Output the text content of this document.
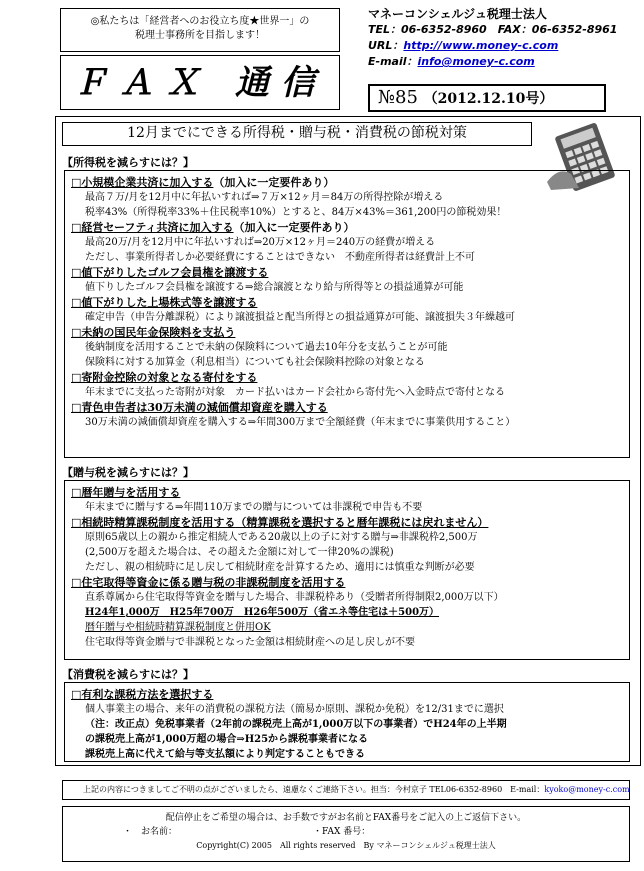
◎私たちは「経営者へのお役立ち度★世界一」の
税理士事務所を目指します！
ＦＡＸ 通信
マネーコンシェルジュ税理士法人
TEL：06-6352-8960　FAX：06-6352-8961
URL：http://www.money-c.com
E-mail：info@money-c.com
№85 （2012.12.10号）
12月までにできる所得税・贈与税・消費税の節税対策
【所得税を減らすには？】
□小規模企業共済に加入する（加入に一定要件あり）
最高７万/月を12月中に年払いすれば⇒７万×12ヶ月＝84万の所得控除が増える
税率43%（所得税率33%＋住民税率10%）とすると、84万×43%＝361,200円の節税効果！
□経営セーフティ共済に加入する（加入に一定要件あり）
最高20万/月を12月中に年払いすれば⇒20万×12ヶ月＝240万の経費が増える
ただし、事業所得者しか必要経費にすることはできない　不動産所得者は経費計上不可
□値下がりしたゴルフ会員権を譲渡する
値下りしたゴルフ会員権を譲渡する⇒総合譲渡となり給与所得等との損益通算が可能
□値下がりした上場株式等を譲渡する
確定申告（申告分離課税）により譲渡損益と配当所得との損益通算が可能、譲渡損失３年繰越可
□未納の国民年金保険料を支払う
後納制度を活用することで未納の保険料について過去10年分を支払うことが可能
保険料に対する加算金（利息相当）についても社会保険料控除の対象となる
□寄附金控除の対象となる寄付をする
年末までに支払った寄附が対象　カード払いはカード会社から寄付先へ入金時点で寄付となる
□青色申告者は30万未満の減価償却資産を購入する
30万未満の減価償却資産を購入する⇒年間300万まで全額経費（年末までに事業供用すること）
【贈与税を減らすには？】
□暦年贈与を活用する
年末までに贈与する⇒年間110万までの贈与については非課税で申告も不要
□相続時精算課税制度を活用する（精算課税を選択すると暦年課税には戻れません）
原則65歳以上の親から推定相続人である20歳以上の子に対する贈与⇒非課税枠2,500万
(2,500万を超えた場合は、その超えた金額に対して一律20%の課税)
ただし、親の相続時に足し戻して相続財産を計算するため、適用には慎重な判断が必要
□住宅取得等資金に係る贈与税の非課税制度を活用する
直系尊属から住宅取得等資金を贈与した場合、非課税枠あり（受贈者所得制限2,000万以下）
H24年1,000万　H25年700万　H26年500万（省エネ等住宅は＋500万）
暦年贈与や相続時精算課税制度と併用OK
住宅取得等資金贈与で非課税となった金額は相続財産への足し戻しが不要
【消費税を減らすには？】
□有利な課税方法を選択する
個人事業主の場合、来年の消費税の課税方法（簡易か原則、課税か免税）を12/31までに選択
（注：改正点）免税事業者（2年前の課税売上高が1,000万以下の事業者）でH24年の上半期
の課税売上高が1,000万超の場合⇒H25から課税事業者になる
課税売上高に代えて給与等支払額により判定することもできる
上記の内容につきましてご不明の点がございましたら、遠慮なくご連絡下さい。担当：今村京子 TEL06-6352-8960　E-mail：kyoko@money-c.com
配信停止をご希望の場合は、お手数ですがお名前とFAX番号をご記入の上ご返信下さい。
・　お名前：	・FAX 番号：
Copyright(C) 2005　All rights reserved　By マネーコンシェルジュ税理士法人
